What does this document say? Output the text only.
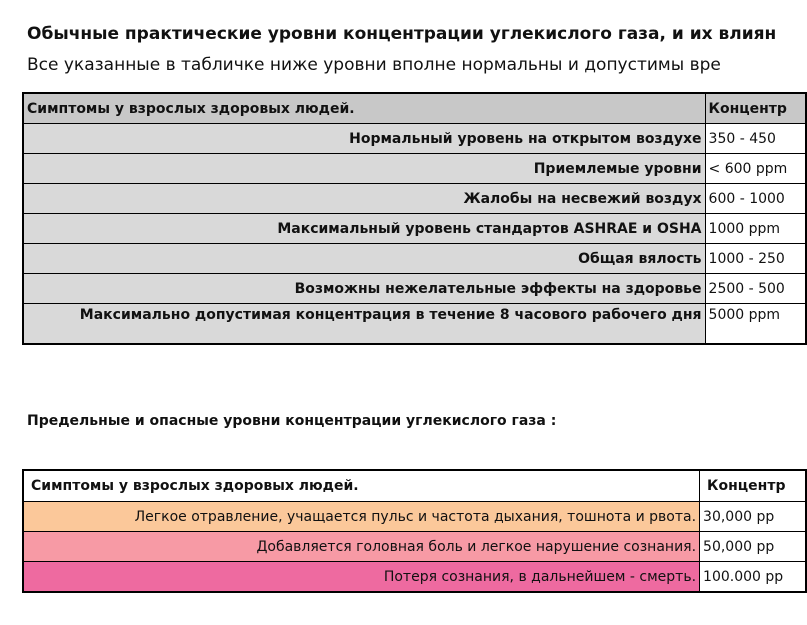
Обычные практические уровни концентрации углекислого газа, и их влиян
Все указанные в табличке ниже уровни вполне нормальны и допустимы вре
Симптомы у взрослых здоровых людей.	Концентр
Нормальный уровень на открытом воздухе	350 - 450
Приемлемые уровни	< 600 ppm
Жалобы на несвежий воздух	600 - 1000
Максимальный уровень стандартов ASHRAE и OSHA	1000 ppm
Общая вялость	1000 - 250
Возможны нежелательные эффекты на здоровье	2500 - 500
Максимально допустимая концентрация в течение 8 часового рабочего дня	5000 ppm
Предельные и опасные уровни концентрации углекислого газа :
Симптомы у взрослых здоровых людей.	Концентр
Легкое отравление, учащается пульс и частота дыхания, тошнота и рвота.	30,000 pp
Добавляется головная боль и легкое нарушение сознания.	50,000 pp
Потеря сознания, в дальнейшем - смерть.	100.000 pp
